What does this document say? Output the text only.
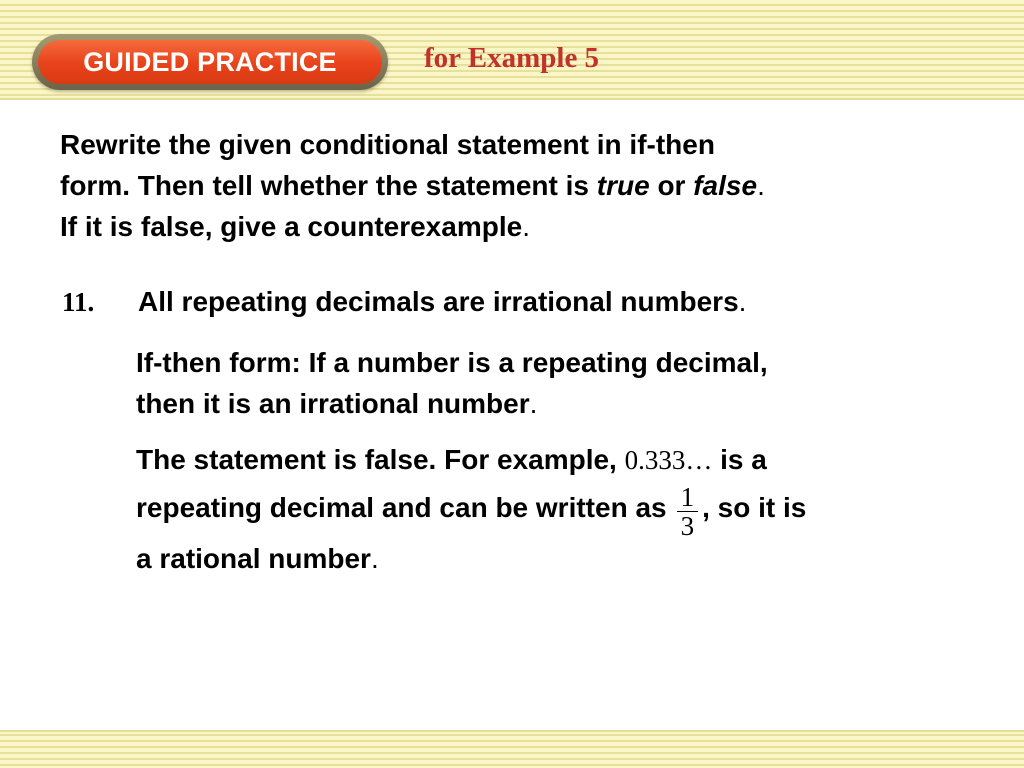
GUIDED PRACTICE	for Example 5
Rewrite the given conditional statement in if-then
form. Then tell whether the statement is true or false.
If it is false, give a counterexample.
11. All repeating decimals are irrational numbers.
If-then form: If a number is a repeating decimal,
then it is an irrational number.
The statement is false. For example, 0.333… is a
repeating decimal and can be written as $\frac{1}{3}$ , so it is
a rational number.
